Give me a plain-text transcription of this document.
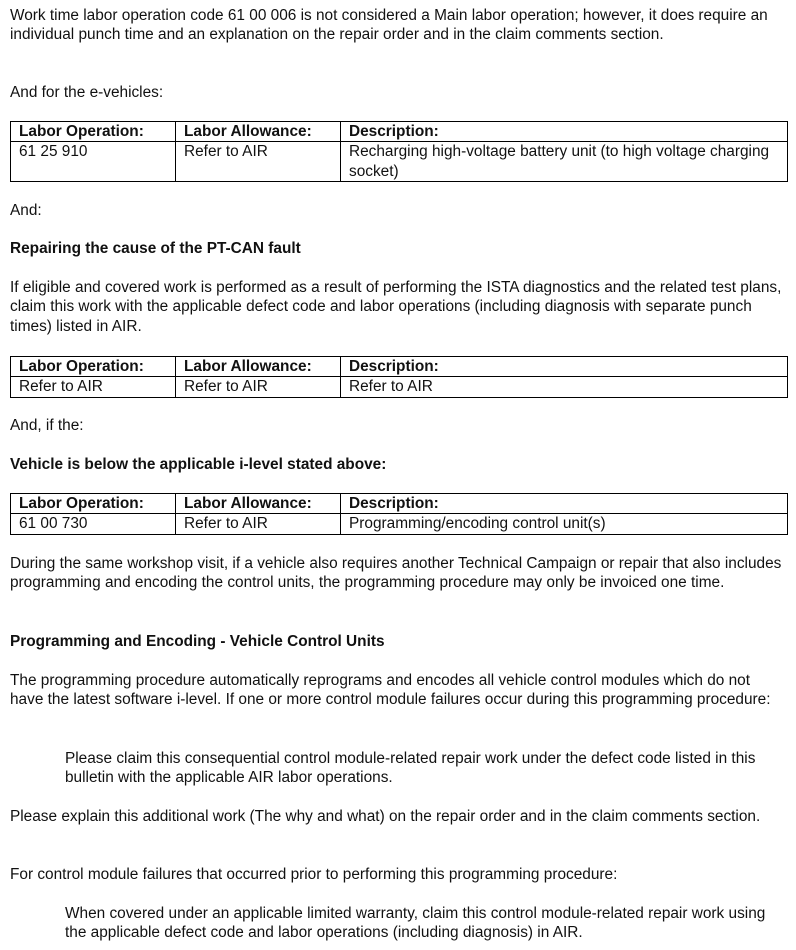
Work time labor operation code 61 00 006 is not considered a Main labor operation; however, it does require an individual punch time and an explanation on the repair order and in the claim comments section.

And for the e-vehicles:

Labor Operation:	Labor Allowance:	Description:
61 25 910	Refer to AIR	Recharging high-voltage battery unit (to high voltage charging socket)

And:

Repairing the cause of the PT-CAN fault

If eligible and covered work is performed as a result of performing the ISTA diagnostics and the related test plans, claim this work with the applicable defect code and labor operations (including diagnosis with separate punch times) listed in AIR.

Labor Operation:	Labor Allowance:	Description:
Refer to AIR	Refer to AIR	Refer to AIR

And, if the:

Vehicle is below the applicable i-level stated above:

Labor Operation:	Labor Allowance:	Description:
61 00 730	Refer to AIR	Programming/encoding control unit(s)

During the same workshop visit, if a vehicle also requires another Technical Campaign or repair that also includes programming and encoding the control units, the programming procedure may only be invoiced one time.

Programming and Encoding - Vehicle Control Units

The programming procedure automatically reprograms and encodes all vehicle control modules which do not have the latest software i-level. If one or more control module failures occur during this programming procedure:

Please claim this consequential control module-related repair work under the defect code listed in this bulletin with the applicable AIR labor operations.

Please explain this additional work (The why and what) on the repair order and in the claim comments section.

For control module failures that occurred prior to performing this programming procedure:

When covered under an applicable limited warranty, claim this control module-related repair work using the applicable defect code and labor operations (including diagnosis) in AIR.
